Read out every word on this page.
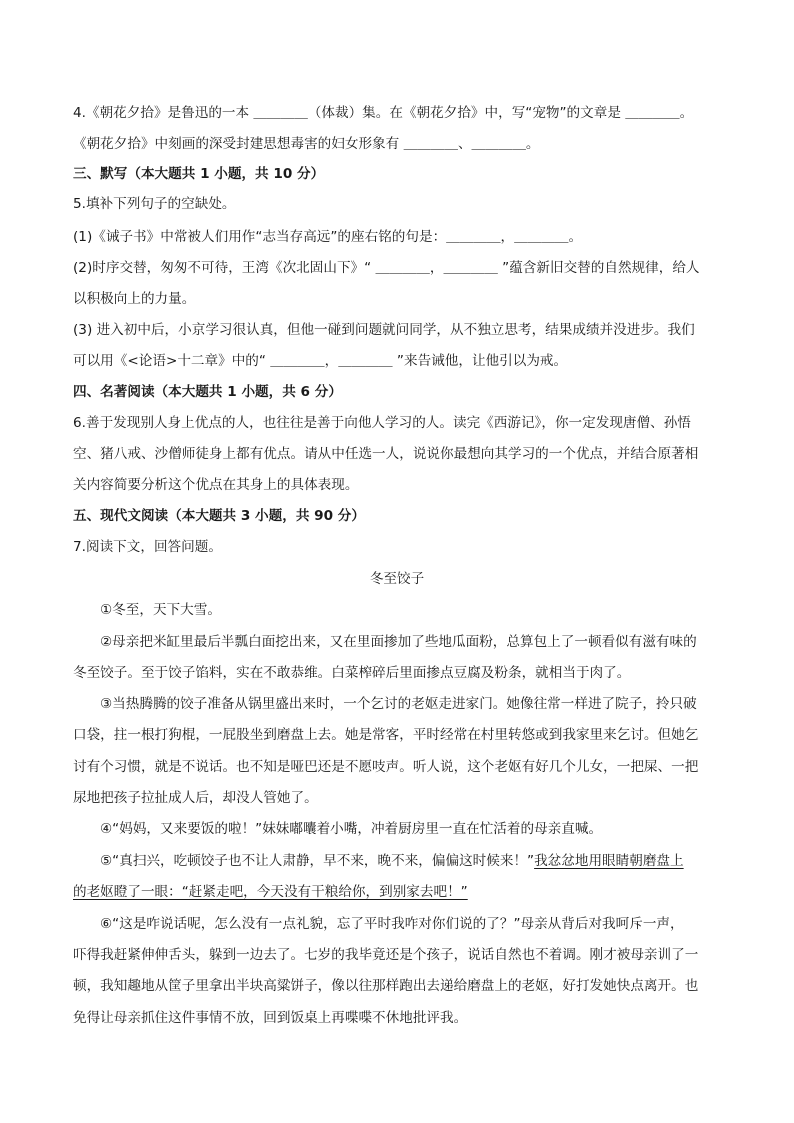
4.《朝花夕拾》是鲁迅的一本 ＿＿＿＿（体裁）集。在《朝花夕拾》中，写“宠物”的文章是 ＿＿＿＿。
《朝花夕拾》中刻画的深受封建思想毒害的妇女形象有 ＿＿＿＿、＿＿＿＿。
三、默写（本大题共 1 小题，共 10 分）
5.填补下列句子的空缺处。
(1)《诫子书》中常被人们用作“志当存高远”的座右铭的句是：＿＿＿＿，＿＿＿＿。
(2)时序交替，匆匆不可待，王湾《次北固山下》“ ＿＿＿＿，＿＿＿＿ ”蕴含新旧交替的自然规律，给人
以积极向上的力量。
(3) 进入初中后，小京学习很认真，但他一碰到问题就问同学，从不独立思考，结果成绩并没进步。我们
可以用《<论语>十二章》中的“ ＿＿＿＿，＿＿＿＿ ”来告诫他，让他引以为戒。
四、名著阅读（本大题共 1 小题，共 6 分）
6.善于发现别人身上优点的人，也往往是善于向他人学习的人。读完《西游记》，你一定发现唐僧、孙悟
空、猪八戒、沙僧师徒身上都有优点。请从中任选一人，说说你最想向其学习的一个优点，并结合原著相
关内容简要分析这个优点在其身上的具体表现。
五、现代文阅读（本大题共 3 小题，共 90 分）
7.阅读下文，回答问题。
冬至饺子
①冬至，天下大雪。
②母亲把米缸里最后半瓢白面挖出来，又在里面掺加了些地瓜面粉，总算包上了一顿看似有滋有味的
冬至饺子。至于饺子馅料，实在不敢恭维。白菜榨碎后里面掺点豆腐及粉条，就相当于肉了。
③当热腾腾的饺子准备从锅里盛出来时，一个乞讨的老妪走进家门。她像往常一样进了院子，拎只破
口袋，拄一根打狗棍，一屁股坐到磨盘上去。她是常客，平时经常在村里转悠或到我家里来乞讨。但她乞
讨有个习惯，就是不说话。也不知是哑巴还是不愿吱声。听人说，这个老妪有好几个儿女，一把屎、一把
尿地把孩子拉扯成人后，却没人管她了。
④“妈妈，又来要饭的啦！”妹妹嘟囔着小嘴，冲着厨房里一直在忙活着的母亲直喊。
⑤“真扫兴，吃顿饺子也不让人肃静，早不来，晚不来，偏偏这时候来！”我忿忿地用眼睛朝磨盘上
的老妪瞪了一眼：“赶紧走吧，今天没有干粮给你，到别家去吧！”
⑥“这是咋说话呢，怎么没有一点礼貌，忘了平时我咋对你们说的了？”母亲从背后对我呵斥一声，
吓得我赶紧伸伸舌头，躲到一边去了。七岁的我毕竟还是个孩子，说话自然也不着调。刚才被母亲训了一
顿，我知趣地从筐子里拿出半块高粱饼子，像以往那样跑出去递给磨盘上的老妪，好打发她快点离开。也
免得让母亲抓住这件事情不放，回到饭桌上再喋喋不休地批评我。
